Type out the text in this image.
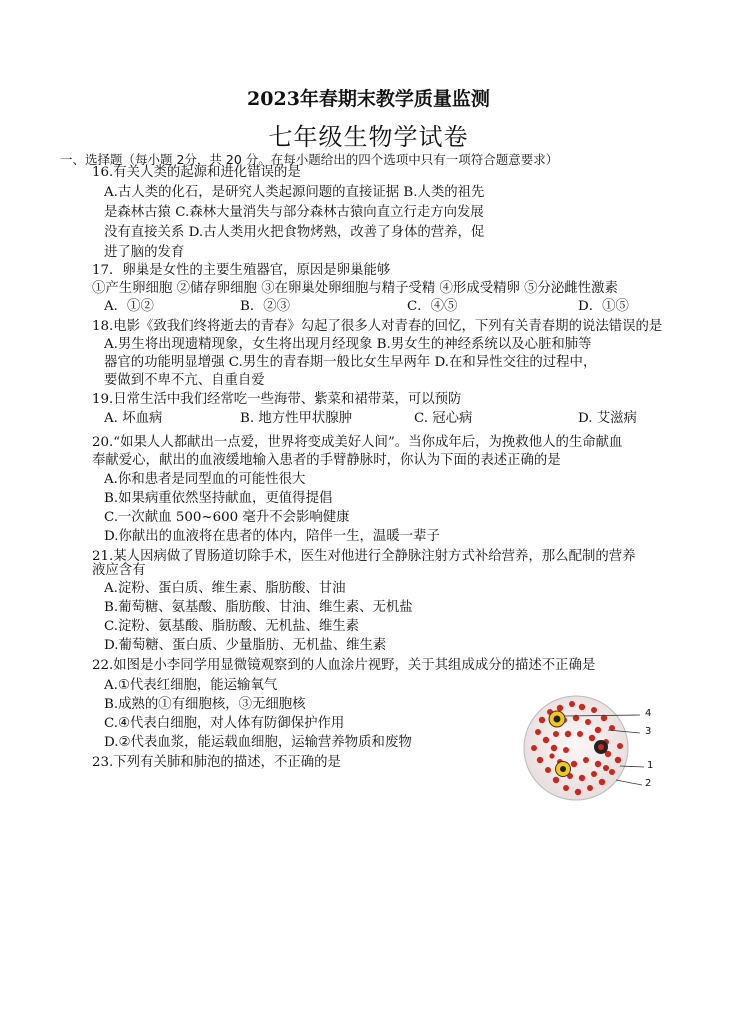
2023年春期末教学质量监测
七年级生物学试卷
一、选择题（每小题 2分，共 20 分。在每小题给出的四个选项中只有一项符合题意要求）
16.有关人类的起源和进化错误的是
A.古人类的化石，是研究人类起源问题的直接证据 B.人类的祖先
是森林古猿 C.森林大量消失与部分森林古猿向直立行走方向发展
没有直接关系 D.古人类用火把食物烤熟，改善了身体的营养，促
进了脑的发育
17．卵巢是女性的主要生殖器官，原因是卵巢能够
①产生卵细胞 ②储存卵细胞 ③在卵巢处卵细胞与精子受精 ④形成受精卵 ⑤分泌雌性激素
A．①②	B．②③	C．④⑤	D．①⑤
18.电影《致我们终将逝去的青春》勾起了很多人对青春的回忆，下列有关青春期的说法错误的是
A.男生将出现遗精现象，女生将出现月经现象 B.男女生的神经系统以及心脏和肺等
器官的功能明显增强 C.男生的青春期一般比女生早两年 D.在和异性交往的过程中，
要做到不卑不亢、自重自爱
19.日常生活中我们经常吃一些海带、紫菜和裙带菜，可以预防
A. 坏血病	B. 地方性甲状腺肿	C. 冠心病	D. 艾滋病
20.“如果人人都献出一点爱，世界将变成美好人间”。当你成年后，为挽救他人的生命献血
奉献爱心，献出的血液缓地输入患者的手臂静脉时，你认为下面的表述正确的是
A.你和患者是同型血的可能性很大
B.如果病重依然坚持献血，更值得提倡
C.一次献血 500~600 毫升不会影响健康
D.你献出的血液将在患者的体内，陪伴一生，温暖一辈子
21.某人因病做了胃肠道切除手术，医生对他进行全静脉注射方式补给营养，那么配制的营养
液应含有
A.淀粉、蛋白质、维生素、脂肪酸、甘油
B.葡萄糖、氨基酸、脂肪酸、甘油、维生素、无机盐
C.淀粉、氨基酸、脂肪酸、无机盐、维生素
D.葡萄糖、蛋白质、少量脂肪、无机盐、维生素
22.如图是小李同学用显微镜观察到的人血涂片视野，关于其组成成分的描述不正确是
A.①代表红细胞，能运输氧气
B.成熟的①有细胞核，③无细胞核
C.④代表白细胞，对人体有防御保护作用
D.②代表血浆，能运载血细胞，运输营养物质和废物
23.下列有关肺和肺泡的描述，不正确的是
4
3
1
2
